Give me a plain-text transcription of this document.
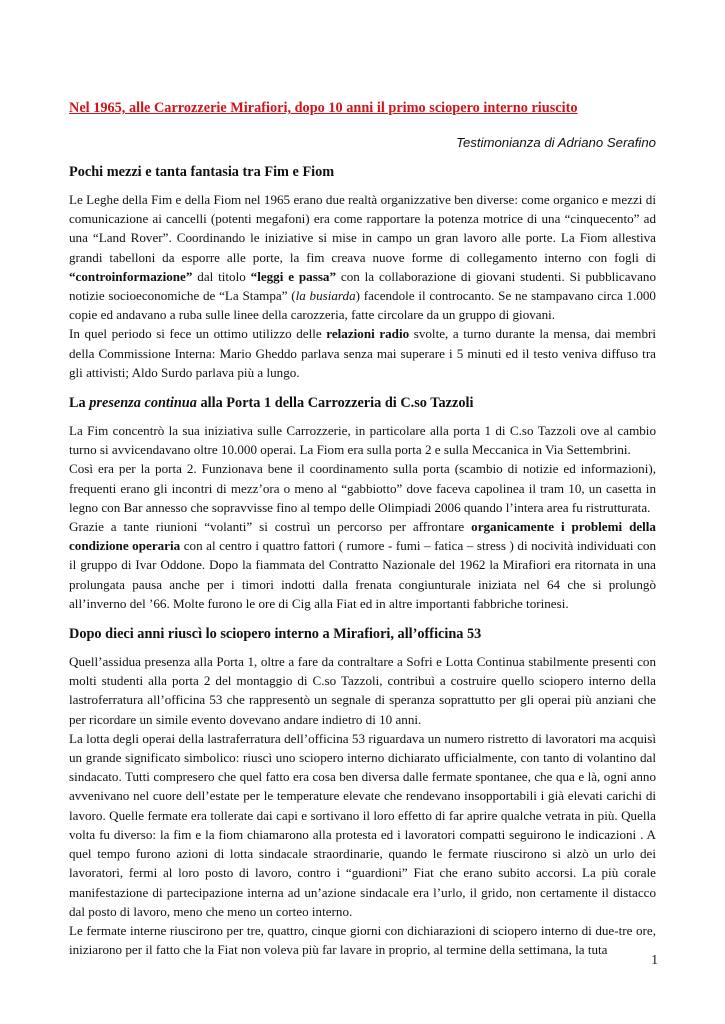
Nel 1965, alle Carrozzerie Mirafiori, dopo 10 anni il primo sciopero interno riuscito

Testimonianza di Adriano Serafino

Pochi mezzi e tanta fantasia tra Fim e Fiom

Le Leghe della Fim e della Fiom nel 1965 erano due realtà organizzative ben diverse: come organico e mezzi di comunicazione ai cancelli (potenti megafoni) era come rapportare la potenza motrice di una “cinquecento” ad una “Land Rover”. Coordinando le iniziative si mise in campo un gran lavoro alle porte. La Fiom allestiva grandi tabelloni da esporre alle porte, la fim creava nuove forme di collegamento interno con fogli di “controinformazione” dal titolo “leggi e passa” con la collaborazione di giovani studenti. Si pubblicavano notizie socioeconomiche de “La Stampa” (la busiarda) facendole il controcanto. Se ne stampavano circa 1.000 copie ed andavano a ruba sulle linee della carozzeria, fatte circolare da un gruppo di giovani.

In quel periodo si fece un ottimo utilizzo delle relazioni radio svolte, a turno durante la mensa, dai membri della Commissione Interna: Mario Gheddo parlava senza mai superare i 5 minuti ed il testo veniva diffuso tra gli attivisti; Aldo Surdo parlava più a lungo.

La presenza continua alla Porta 1 della Carrozzeria di C.so Tazzoli

La Fim concentrò la sua iniziativa sulle Carrozzerie, in particolare alla porta 1 di C.so Tazzoli ove al cambio turno si avvicendavano oltre 10.000 operai. La Fiom era sulla porta 2 e sulla Meccanica in Via Settembrini.

Così era per la porta 2. Funzionava bene il coordinamento sulla porta (scambio di notizie ed informazioni), frequenti erano gli incontri di mezz’ora o meno al “gabbiotto” dove faceva capolinea il tram 10, un casetta in legno con Bar annesso che sopravvisse fino al tempo delle Olimpiadi 2006 quando l’intera area fu ristrutturata.

Grazie a tante riunioni “volanti” si costruì un percorso per affrontare organicamente i problemi della condizione operaria con al centro i quattro fattori ( rumore - fumi – fatica – stress ) di nocività individuati con il gruppo di Ivar Oddone. Dopo la fiammata del Contratto Nazionale del 1962 la Mirafiori era ritornata in una prolungata pausa anche per i timori indotti dalla frenata congiunturale iniziata nel 64 che si prolungò all’inverno del ’66. Molte furono le ore di Cig alla Fiat ed in altre importanti fabbriche torinesi.

Dopo dieci anni riuscì lo sciopero interno a Mirafiori, all’officina 53

Quell’assidua presenza alla Porta 1, oltre a fare da contraltare a Sofri e Lotta Continua stabilmente presenti con molti studenti alla porta 2 del montaggio di C.so Tazzoli, contribuì a costruire quello sciopero interno della lastroferratura all’officina 53 che rappresentò un segnale di speranza soprattutto per gli operai più anziani che per ricordare un simile evento dovevano andare indietro di 10 anni.

La lotta degli operai della lastraferratura dell’officina 53 riguardava un numero ristretto di lavoratori ma acquisì un grande significato simbolico: riuscì uno sciopero interno dichiarato ufficialmente, con tanto di volantino dal sindacato. Tutti compresero che quel fatto era cosa ben diversa dalle fermate spontanee, che qua e là, ogni anno avvenivano nel cuore dell’estate per le temperature elevate che rendevano insopportabili i già elevati carichi di lavoro. Quelle fermate era tollerate dai capi e sortivano il loro effetto di far aprire qualche vetrata in più. Quella volta fu diverso: la fim e la fiom chiamarono alla protesta ed i lavoratori compatti seguirono le indicazioni . A quel tempo furono azioni di lotta sindacale straordinarie, quando le fermate riuscirono si alzò un urlo dei lavoratori, fermi al loro posto di lavoro, contro i “guardioni” Fiat che erano subito accorsi. La più corale manifestazione di partecipazione interna ad un’azione sindacale era l’urlo, il grido, non certamente il distacco dal posto di lavoro, meno che meno un corteo interno.

Le fermate interne riuscirono per tre, quattro, cinque giorni con dichiarazioni di sciopero interno di due-tre ore, iniziarono per il fatto che la Fiat non voleva più far lavare in proprio, al termine della settimana, la tuta

1
